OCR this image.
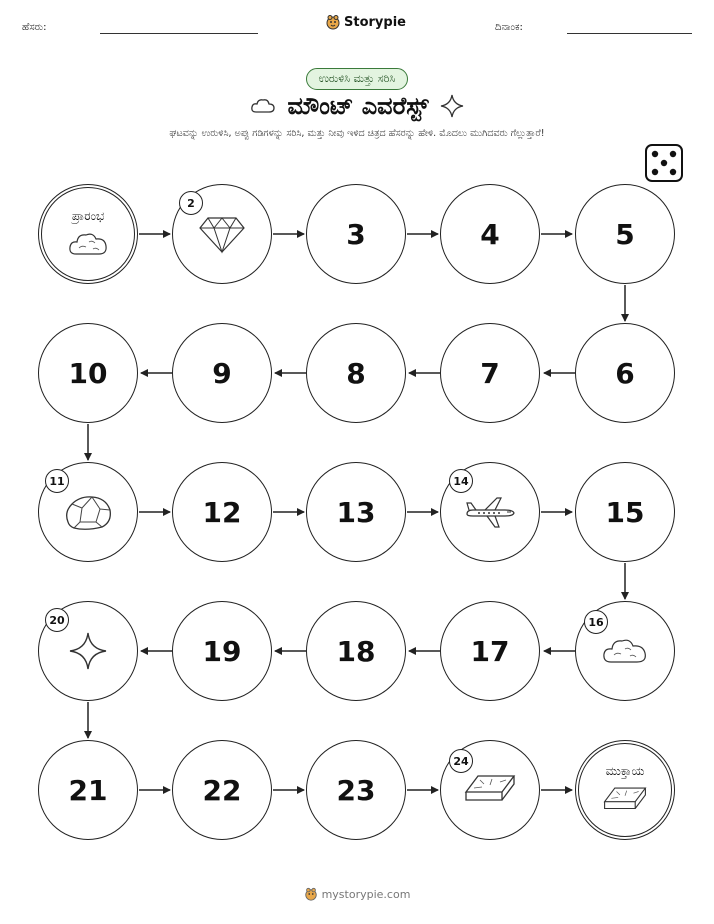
ಹೆಸರು:	Storypie	ದಿನಾಂಕ:
ಉರುಳಿಸಿ ಮತ್ತು ಸರಿಸಿ
ಮೌಂಟ್ ಎವರೆಸ್ಟ್
ಘಟವನ್ನು ಉರುಳಿಸಿ, ಅಪ್ಪು ಗಡಿಗಳನ್ನು ಸರಿಸಿ, ಮತ್ತು ನೀವು ಇಳಿದ ಚಿತ್ರದ ಹೆಸರನ್ನು ಹೇಳಿ. ಮೊದಲು ಮುಗಿದವರು ಗೆಲ್ಲುತ್ತಾರೆ!
ಪ್ರಾರಂಭ
2
3	4	5
6
7
8
9
10
11
12	13
14
15
16
17
18
19
20
21	22	23
24
ಮುಕ್ತಾಯ
mystorypie.com
